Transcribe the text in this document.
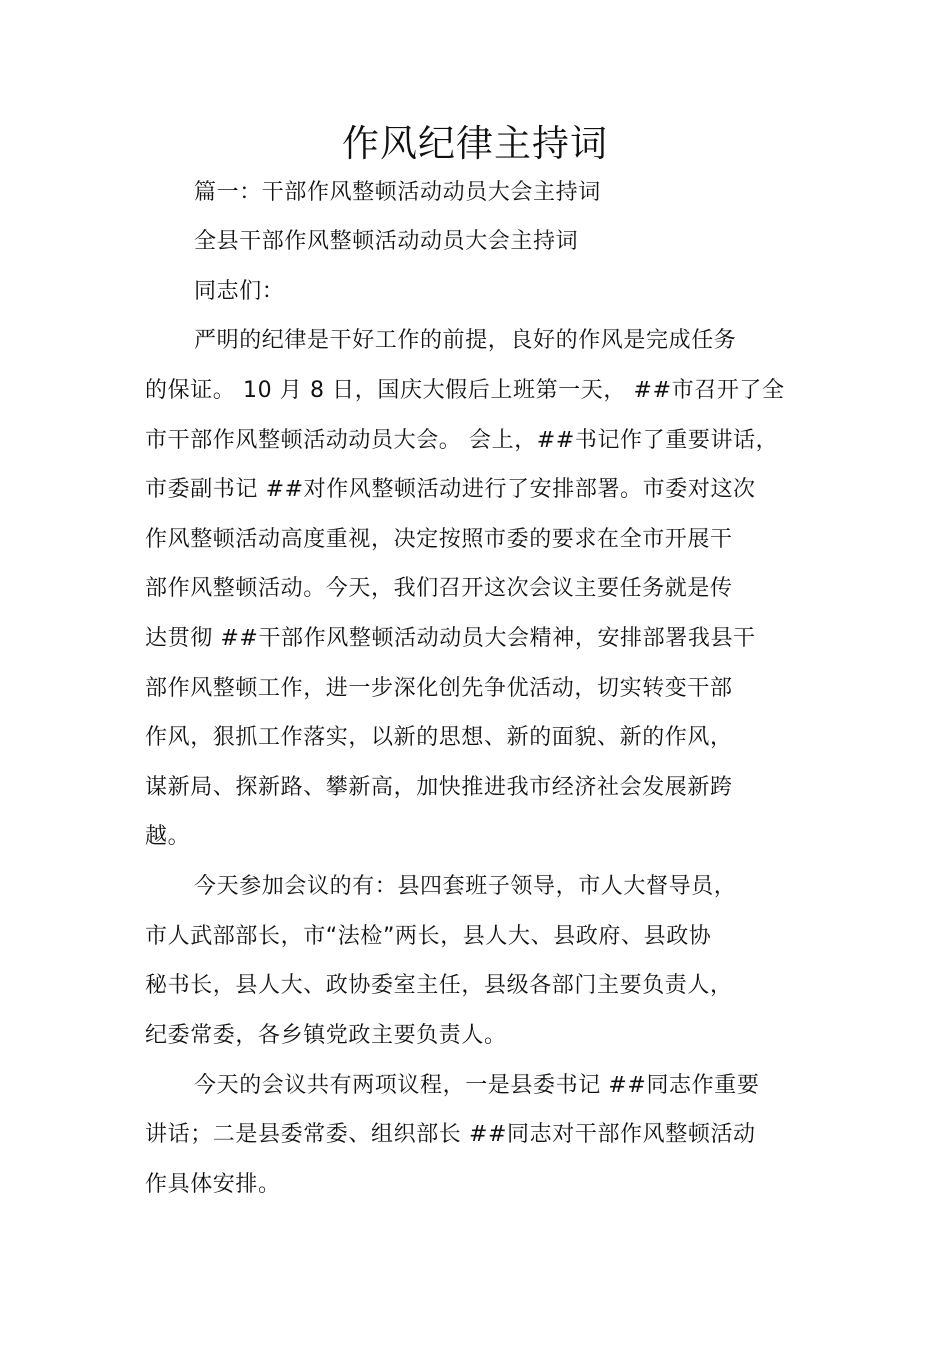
作风纪律主持词
篇一：干部作风整顿活动动员大会主持词
全县干部作风整顿活动动员大会主持词
同志们：
严明的纪律是干好工作的前提，良好的作风是完成任务
的保证。 10 月 8 日，国庆大假后上班第一天， ##市召开了全
市干部作风整顿活动动员大会。 会上，##书记作了重要讲话，
市委副书记 ##对作风整顿活动进行了安排部署。市委对这次
作风整顿活动高度重视，决定按照市委的要求在全市开展干
部作风整顿活动。今天，我们召开这次会议主要任务就是传
达贯彻 ##干部作风整顿活动动员大会精神，安排部署我县干
部作风整顿工作，进一步深化创先争优活动，切实转变干部
作风，狠抓工作落实，以新的思想、新的面貌、新的作风，
谋新局、探新路、攀新高，加快推进我市经济社会发展新跨
越。
今天参加会议的有：县四套班子领导，市人大督导员，
市人武部部长，市“法检”两长，县人大、县政府、县政协
秘书长，县人大、政协委室主任，县级各部门主要负责人，
纪委常委，各乡镇党政主要负责人。
今天的会议共有两项议程，一是县委书记 ##同志作重要
讲话；二是县委常委、组织部长 ##同志对干部作风整顿活动
作具体安排。
